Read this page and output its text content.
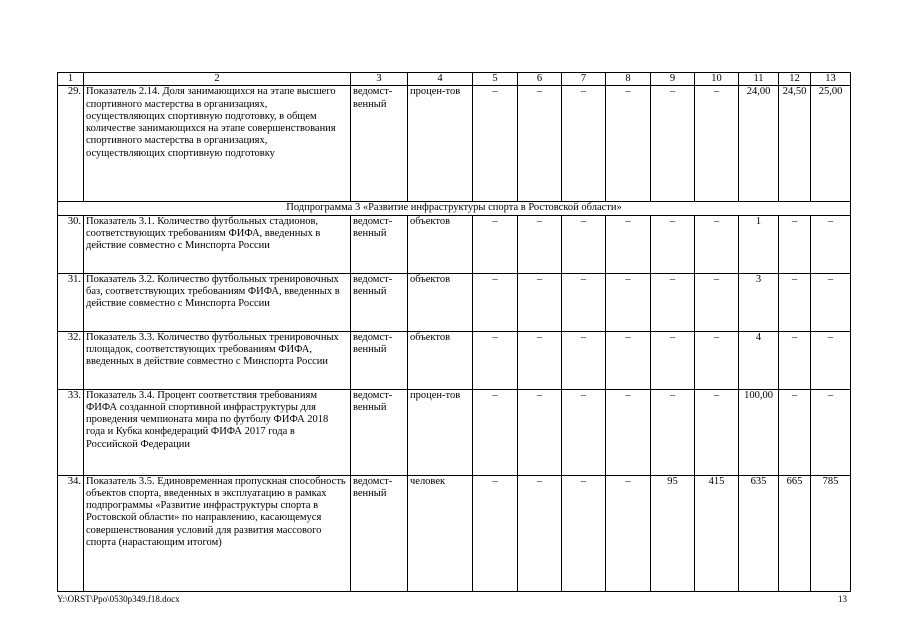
1	2	3	4	5	6	7	8	9	10	11	12	13
29.	Показатель 2.14. Доля занимающихся на этапе высшего спортивного мастерства в организациях, осуществляющих спортивную подготовку, в общем количестве занимающихся на этапе совершенствования спортивного мастерства в организациях, осуществляющих спортивную подготовку	ведомст-венный	процен-тов	–	–	–	–	–	–	24,00	24,50	25,00
Подпрограмма 3 «Развитие инфраструктуры спорта в Ростовской области»												
30.	Показатель 3.1. Количество футбольных стадионов, соответствующих требованиям ФИФА, введенных в действие совместно с Минспорта России	ведомст-венный	объектов	–	–	–	–	–	–	1	–	–
31.	Показатель 3.2. Количество футбольных тренировочных баз, соответствующих требованиям ФИФА, введенных в действие совместно с Минспорта России	ведомст-венный	объектов	–	–	–	–	–	–	3	–	–
32.	Показатель 3.3. Количество футбольных тренировочных площадок, соответствующих требованиям ФИФА, введенных в действие совместно с Минспорта России	ведомст-венный	объектов	–	–	–	–	–	–	4	–	–
33.	Показатель 3.4. Процент соответствия требованиям ФИФА созданной спортивной инфраструктуры для проведения чемпионата мира по футболу ФИФА 2018 года и Кубка конфедераций ФИФА 2017 года в Российской Федерации	ведомст-венный	процен-тов	–	–	–	–	–	–	100,00	–	–
34.	Показатель 3.5. Единовременная пропускная способность объектов спорта, введенных в эксплуатацию в рамках подпрограммы «Развитие инфраструктуры спорта в Ростовской области» по направлению, касающемуся совершенствования условий для развития массового спорта (нарастающим итогом)	ведомст-венный	человек	–	–	–	–	95	415	635	665	785
Y:\ORST\Ppo\0530p349.f18.docx	13
